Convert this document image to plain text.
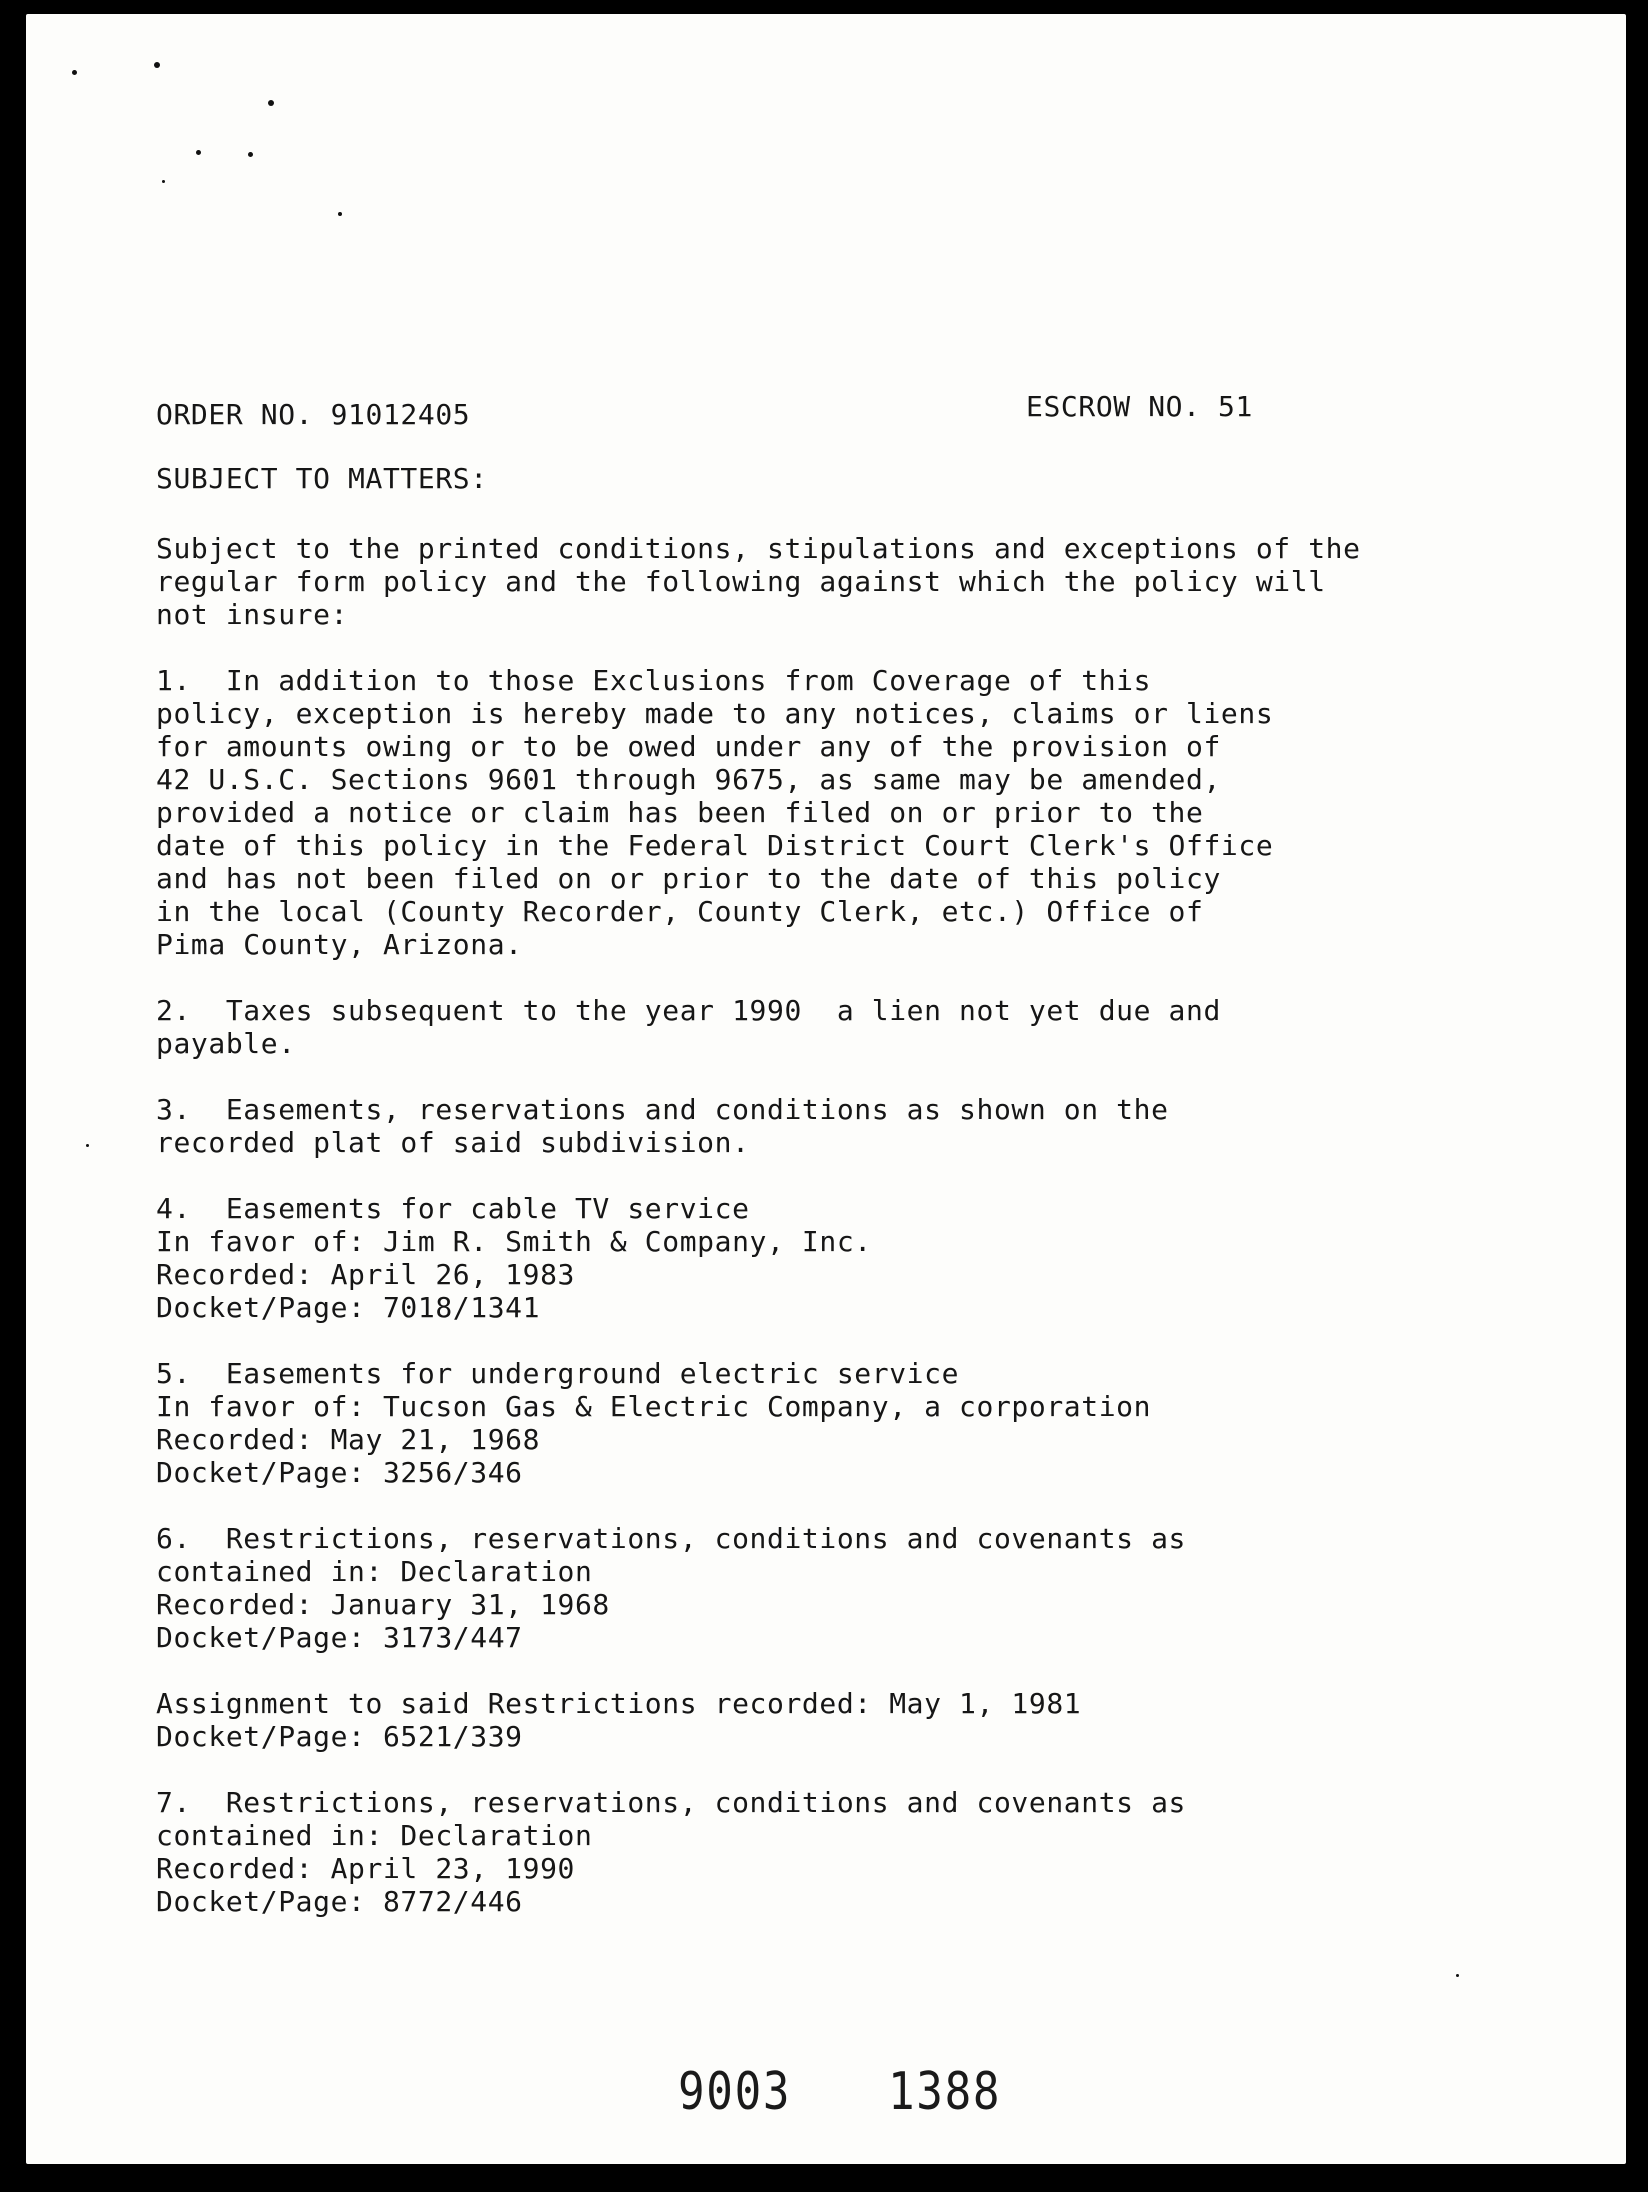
ORDER NO. 91012405	ESCROW NO. 51
SUBJECT TO MATTERS:
Subject to the printed conditions, stipulations and exceptions of the
regular form policy and the following against which the policy will
not insure:
1.  In addition to those Exclusions from Coverage of this
policy, exception is hereby made to any notices, claims or liens
for amounts owing or to be owed under any of the provision of
42 U.S.C. Sections 9601 through 9675, as same may be amended,
provided a notice or claim has been filed on or prior to the
date of this policy in the Federal District Court Clerk's Office
and has not been filed on or prior to the date of this policy
in the local (County Recorder, County Clerk, etc.) Office of
Pima County, Arizona.
2.  Taxes subsequent to the year 1990  a lien not yet due and
payable.
3.  Easements, reservations and conditions as shown on the
recorded plat of said subdivision.
4.  Easements for cable TV service
In favor of: Jim R. Smith & Company, Inc.
Recorded: April 26, 1983
Docket/Page: 7018/1341
5.  Easements for underground electric service
In favor of: Tucson Gas & Electric Company, a corporation
Recorded: May 21, 1968
Docket/Page: 3256/346
6.  Restrictions, reservations, conditions and covenants as
contained in: Declaration
Recorded: January 31, 1968
Docket/Page: 3173/447
Assignment to said Restrictions recorded: May 1, 1981
Docket/Page: 6521/339
7.  Restrictions, reservations, conditions and covenants as
contained in: Declaration
Recorded: April 23, 1990
Docket/Page: 8772/446
9003 1388
